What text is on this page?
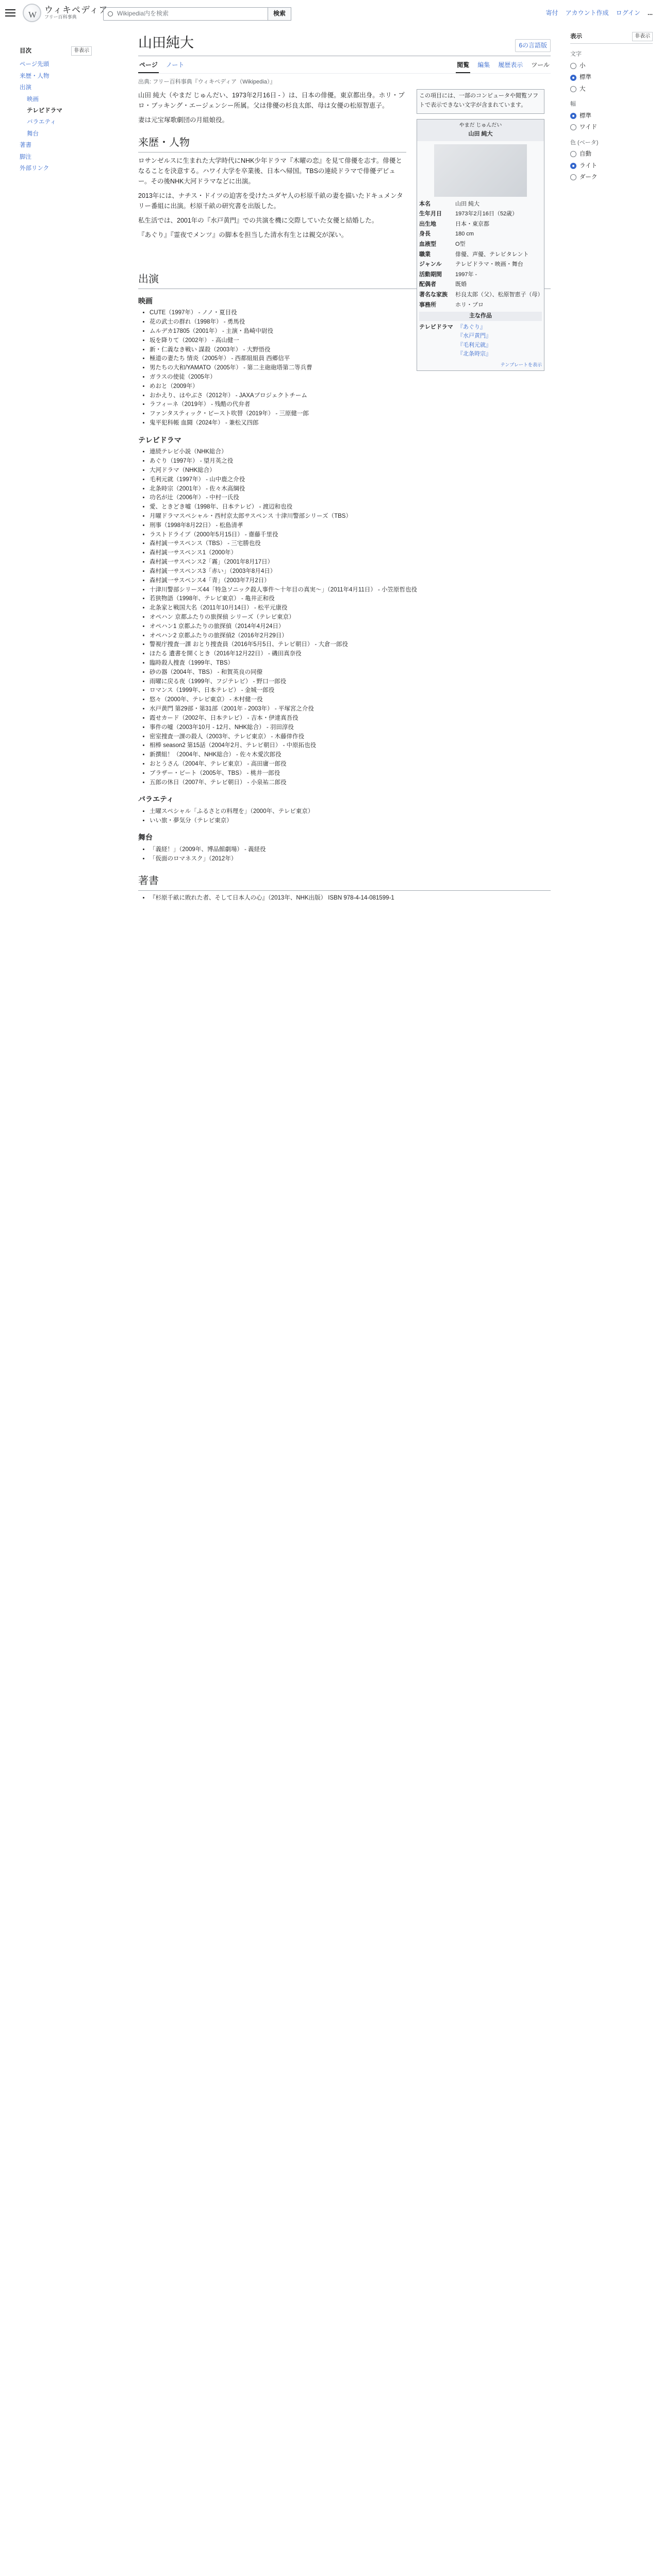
W
ウィキペディア
フリー百科事典	Wikipedia内を検索	検索	寄付 アカウント作成 ログイン ...
目次	非表示
ページ先頭
来歴・人物
出演
映画
テレビドラマ
バラエティ
舞台
著書
脚注
外部リンク
山田純大	6の言語版
ページ ノート	閲覧 編集 履歴表示 ツール
出典: フリー百科事典『ウィキペディア（Wikipedia）』
この項目には、一部のコンピュータや閲覧ソフトで表示できない文字が含まれています。
やまだ じゅんだい
山田 純大
本名	山田 純大
生年月日	1973年2月16日（52歳）
出生地	日本・東京都
身長	180 cm
血液型	O型
職業	俳優、声優、テレビタレント
ジャンル	テレビドラマ・映画・舞台
活動期間	1997年 -
配偶者	既婚
著名な家族	杉良太郎（父）、松原智恵子（母）
事務所	ホリ・プロ
主な作品
テレビドラマ 『あぐり』
『水戸黄門』
『毛利元就』
『北条時宗』
テンプレートを表示

山田 純大（やまだ じゅんだい、1973年2月16日 - ）は、日本の俳優。東京都出身。ホリ・プロ・ブッキング・エージェンシー所属。父は俳優の杉良太郎、母は女優の松原智恵子。

妻は元宝塚歌劇団の月組娘役。

来歴・人物

ロサンゼルスに生まれた大学時代にNHK少年ドラマ『木曜の恋』を見て俳優を志す。俳優となることを決意する。ハワイ大学を卒業後、日本へ帰国。TBSの連続ドラマで俳優デビュー。その後NHK大河ドラマなどに出演。

2013年には、ナチス・ドイツの迫害を受けたユダヤ人の杉原千畝の妻を描いたドキュメンタリー番組に出演。杉原千畝の研究書を出版した。

私生活では、2001年の『水戸黄門』での共演を機に交際していた女優と結婚した。

『あぐり』『霊夜でメンツ』の脚本を担当した清水有生とは親交が深い。

出演
映画
• CUTE（1997年） - ノノ・夏目役
• 花の武士の群れ（1998年） - 勇馬役
• ムルデカ17805（2001年） - 主演・島崎中尉役
• 坂を降りて（2002年） - 高山健一
• 新・仁義なき戦い 謀殺（2003年） - 大野悟役
• 極道の妻たち 情炎（2005年） - 西都組組員 西郷信平
• 男たちの大和/YAMATO（2005年） - 第二主砲砲塔第二等兵曹
• ガラスの使徒（2005年）
• めおと（2009年）
• おかえり、はやぶさ（2012年） - JAXAプロジェクトチーム
• ラフィーネ（2019年） - 残酷の代弁者
• ファンタスティック・ビースト吹替（2019年） - 三原健一郎
• 鬼平犯科帳 血闘（2024年） - 兼松又四郎
テレビドラマ
• 連続テレビ小説（NHK総合）
• あぐり（1997年） - 望月英之役
• 大河ドラマ（NHK総合）
• 毛利元就（1997年） - 山中鹿之介役
• 北条時宗（2001年） - 佐々木高綱役
• 功名が辻（2006年） - 中村一氏役
• 愛、ときどき嘘（1998年、日本テレビ） - 渡辺和也役
• 月曜ドラマスペシャル・西村京太郎サスペンス 十津川警部シリーズ（TBS）
• 刑事（1998年8月22日） - 松島清孝
• ラストドライブ（2000年5月15日） - 齋藤千里役
• 森村誠一サスペンス（TBS） - 三宅勝也役
• 森村誠一サスペンス1（2000年）
• 森村誠一サスペンス2「霧」（2001年8月17日）
• 森村誠一サスペンス3「赤い」（2003年8月4日）
• 森村誠一サスペンス4「青」（2003年7月2日）
• 十津川警部シリーズ44「特急ソニック殺人事件〜十年目の真実〜」（2011年4月11日） - 小笠原哲也役
• 若狭物語（1998年、テレビ東京） - 亀井正和役
• 北条家と戦国大名（2011年10月14日） - 松平元康役
• オペハン 京都ふたりの旅探偵 シリーズ（テレビ東京）
• オペハン1 京都ふたりの旅探偵（2014年4月24日）
• オペハン2 京都ふたりの旅探偵2（2016年2月29日）
• 警視庁捜査一課 おとり捜査員（2016年5月5日、テレビ朝日） - 大倉一郎役
• ほたる 遺書を開くとき（2016年12月22日） - 磯田真奈役
• 臨時殺人捜査（1999年、TBS）
• 砂の器（2004年、TBS） - 和賀英良の同僚
• 雨曜に戻る夜（1999年、フジテレビ） - 野口一郎役
• ロマンス（1999年、日本テレビ） - 金城一郎役
• 悠々（2000年、テレビ東京） - 木村健一役
• 水戸黄門 第29部・第31部（2001年 - 2003年） - 平塚宮之介役
• 霞せカード（2002年、日本テレビ） - 吉本・伊達真吾役
• 事件の嘘（2003年10月 - 12月、NHK総合） - 羽田淳役
• 密室捜査一課の殺人（2003年、テレビ東京） - 木藤倖作役
• 相棒 season2 第15話（2004年2月、テレビ朝日） - 中原拓也役
• 新撰組！（2004年、NHK総合） - 佐々木愛次郎役
• おとうさん（2004年、テレビ東京） - 高田庸一郎役
• ブラザー・ビート（2005年、TBS） - 桃井一郎役
• 五郎の休日（2007年、テレビ朝日） - 小泉祐二郎役
バラエティ
• 土曜スペシャル「ふるさとの料理を」（2000年、テレビ東京）
• いい旅・夢気分（テレビ東京）
舞台
• 「義経！」（2009年、博品館劇場） - 義経役
• 「仮面のロマネスク」（2012年）
著書
• 『杉原千畝に敗れた者、そして日本人の心』（2013年、NHK出版） ISBN 978-4-14-081599-1
表示	非表示
文字
小
標準
大
幅
標準
ワイド
色 (ベータ)
自動
ライト
ダーク
